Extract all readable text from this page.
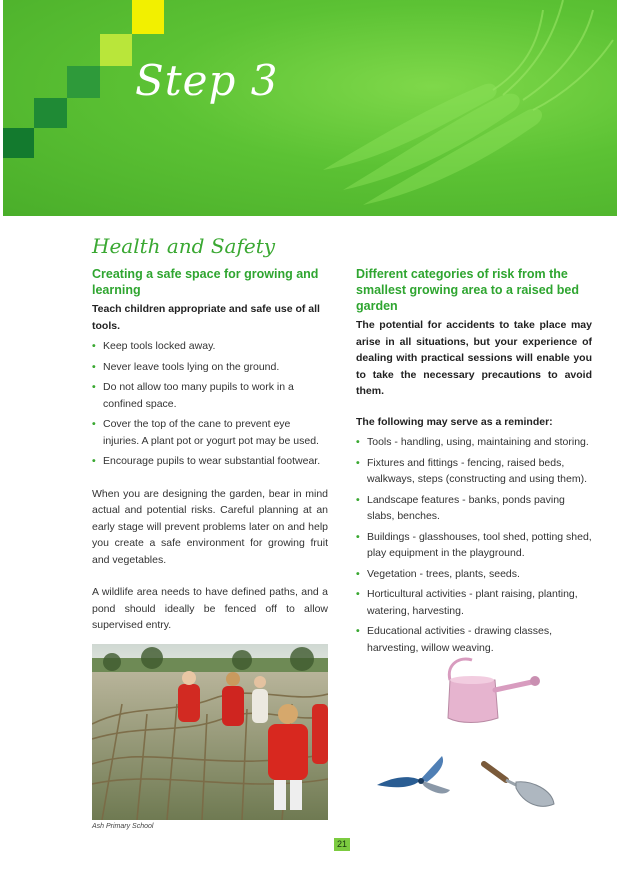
Step 3
Health and Safety
Creating a safe space for growing and learning

Teach children appropriate and safe use of all tools.

• Keep tools locked away.
• Never leave tools lying on the ground.
• Do not allow too many pupils to work in a confined space.
• Cover the top of the cane to prevent eye injuries. A plant pot or yogurt pot may be used.
• Encourage pupils to wear substantial footwear.

When you are designing the garden, bear in mind actual and potential risks. Careful planning at an early stage will prevent problems later on and help you create a safe environment for growing fruit and vegetables.

A wildlife area needs to have defined paths, and a pond should ideally be fenced off to allow supervised entry.

Different categories of risk from the smallest growing area to a raised bed garden

The potential for accidents to take place may arise in all situations, but your experience of dealing with practical sessions will enable you to take the necessary precautions to avoid them.

The following may serve as a reminder:

• Tools - handling, using, maintaining and storing.
• Fixtures and fittings - fencing, raised beds, walkways, steps (constructing and using them).
• Landscape features - banks, ponds paving slabs, benches.
• Buildings - glasshouses, tool shed, potting shed, play equipment in the playground.
• Vegetation - trees, plants, seeds.
• Horticultural activities - plant raising, planting, watering, harvesting.
• Educational activities - drawing classes, harvesting, willow weaving.
Ash Primary School
21
